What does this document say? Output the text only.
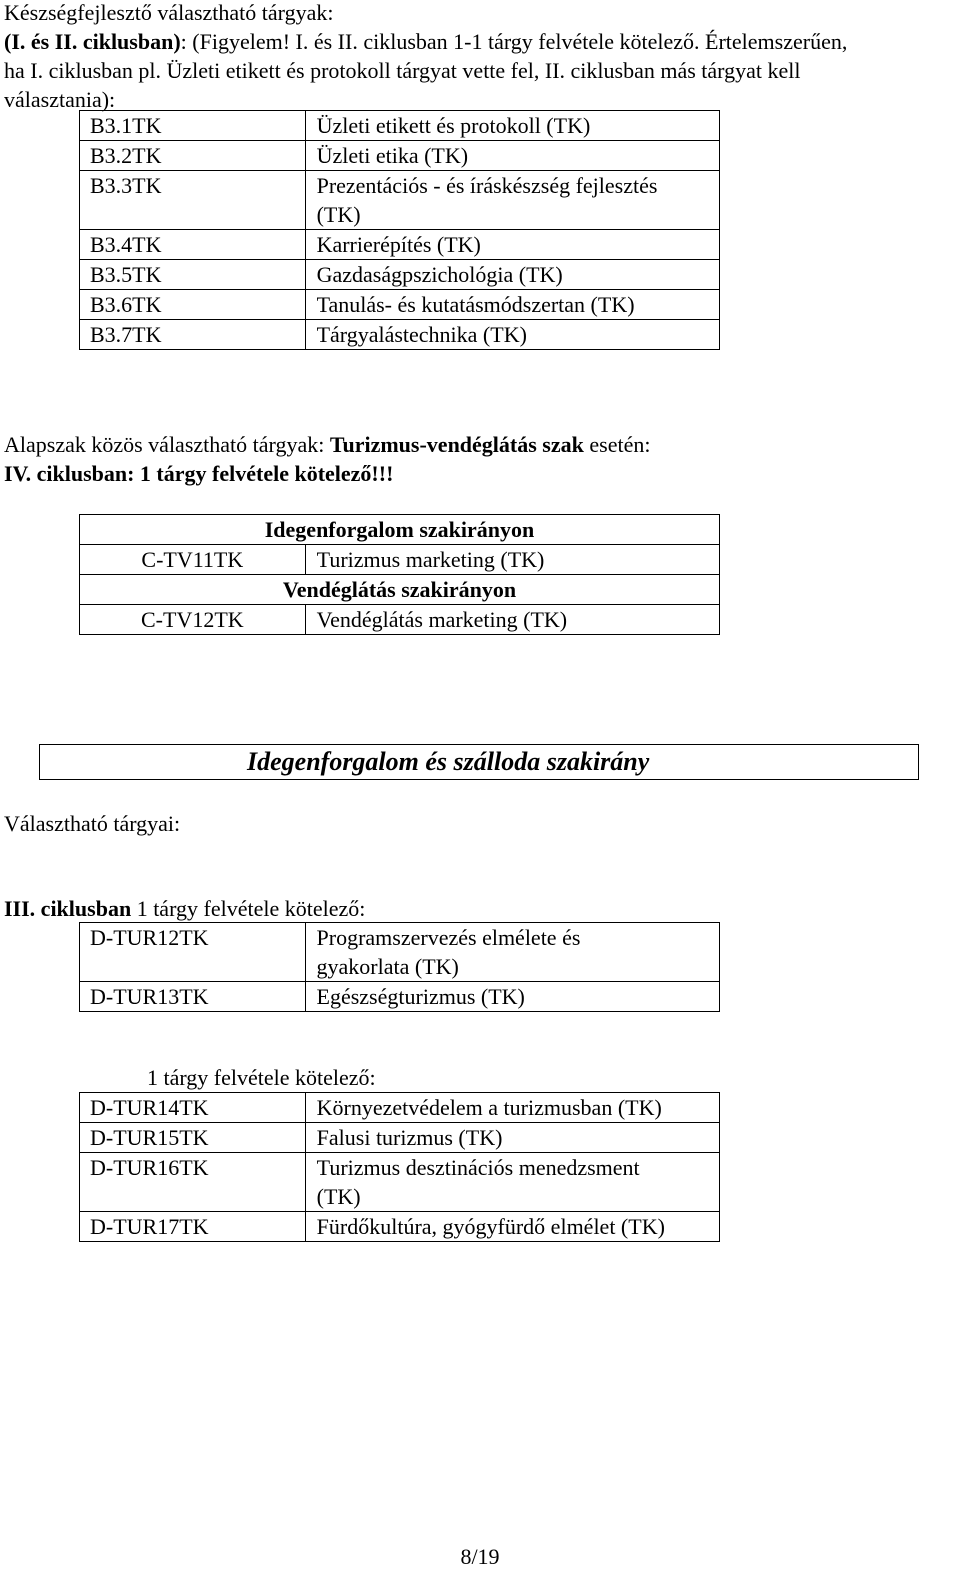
Készségfejlesztő választható tárgyak:
(I. és II. ciklusban): (Figyelem! I. és II. ciklusban 1-1 tárgy felvétele kötelező. Értelemszerűen,
ha I. ciklusban pl. Üzleti etikett és protokoll tárgyat vette fel, II. ciklusban más tárgyat kell
választania):
B3.1TK	Üzleti etikett és protokoll (TK)
B3.2TK	Üzleti etika (TK)
B3.3TK	Prezentációs - és íráskészség fejlesztés (TK)
B3.4TK	Karrierépítés (TK)
B3.5TK	Gazdaságpszichológia (TK)
B3.6TK	Tanulás- és kutatásmódszertan (TK)
B3.7TK	Tárgyalástechnika (TK)

Alapszak közös választható tárgyak: Turizmus-vendéglátás szak esetén:

IV. ciklusban: 1 tárgy felvétele kötelező!!!

Idegenforgalom szakirányon	
C-TV11TK	Turizmus marketing (TK)
Vendéglátás szakirányon	
C-TV12TK	Vendéglátás marketing (TK)
Idegenforgalom és szálloda szakirány

Választható tárgyai:

III. ciklusban 1 tárgy felvétele kötelező:

D-TUR12TK	Programszervezés elmélete és gyakorlata (TK)
D-TUR13TK	Egészségturizmus (TK)

1 tárgy felvétele kötelező:

D-TUR14TK	Környezetvédelem a turizmusban (TK)
D-TUR15TK	Falusi turizmus (TK)
D-TUR16TK	Turizmus desztinációs menedzsment (TK)
D-TUR17TK	Fürdőkultúra, gyógyfürdő elmélet (TK)

8/19
